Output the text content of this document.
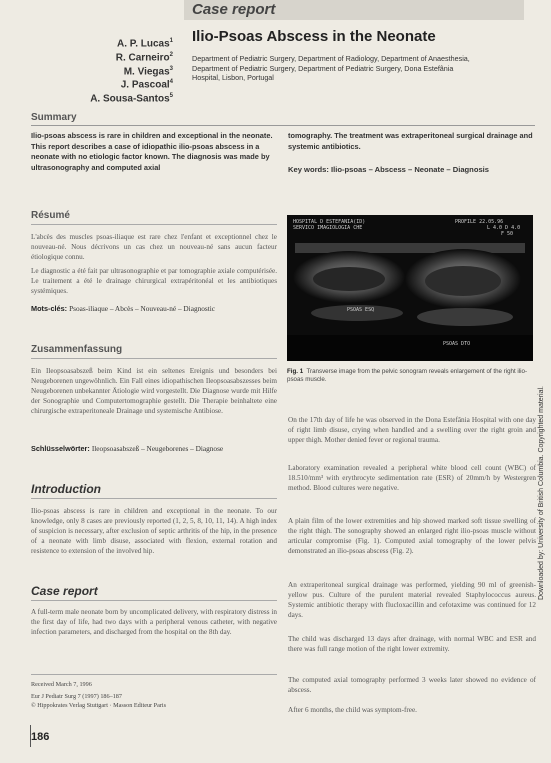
Case report
A. P. Lucas$^1$
R. Carneiro$^2$
M. Viegas$^3$
J. Pascoal$^4$
A. Sousa-Santos$^5$
Ilio-Psoas Abscess in the Neonate
Department of Pediatric Surgery, Department of Radiology, Department of Anaesthesia,
Department of Pediatric Surgery, Department of Pediatric Surgery, Dona Estefânia
Hospital, Lisbon, Portugal
Summary
Ilio-psoas abscess is rare in children and exceptional in the neonate. This report describes a case of idiopathic ilio-psoas abscess in a neonate with no etiologic factor known. The diagnosis was made by ultrasonography and computed axial
tomography. The treatment was extraperitoneal surgical drainage and systemic antibiotics.
Key words: Ilio-psoas – Abscess – Neonate – Diagnosis
Résumé
L'abcès des muscles psoas-iliaque est rare chez l'enfant et exceptionnel chez le nouveau-né. Nous décrivons un cas chez un nouveau-né sans aucun facteur étiologique connu.
Le diagnostic a été fait par ultrasonographie et par tomographie axiale computérisée. Le traitement a été le drainage chirurgical extrapéritonéal et les antibiotiques systémiques.
Mots-clés: Psoas-iliaque – Abcès – Nouveau-né – Diagnostic
Zusammenfassung
Ein Ileopsoasabszeß beim Kind ist ein seltenes Ereignis und besonders bei Neugeborenen ungewöhnlich. Ein Fall eines idiopathischen Ileopsoasabszesses beim Neugeborenen unbekannter Ätiologie wird vorgestellt. Die Diagnose wurde mit Hilfe der Sonographie und Computertomographie gestellt. Die Therapie beinhaltete eine chirurgische extraperitoneale Drainage und systemische Antibiose.
Schlüsselwörter: Ileopsoasabszeß – Neugeborenes – Diagnose
Introduction
Ilio-psoas abscess is rare in children and exceptional in the neonate. To our knowledge, only 8 cases are previously reported (1, 2, 5, 8, 10, 11, 14). A high index of suspicion is necessary, after exclusion of septic arthritis of the hip, in the presence of a neonate with limb disuse, associated with flexion, external rotation and resistence to extension of the involved hip.
Case report
A full-term male neonate born by uncomplicated delivery, with respiratory distress in the first day of life, had two days with a peripheral venous catheter, with negative infection parameters, and discharged from the hospital on the 8th day.
Received March 7, 1996
Eur J Pediatr Surg 7 (1997) 186–187
© Hippokrates Verlag Stuttgart · Masson Editeur Paris
186
HOSPITAL D ESTEFANIA(ID)
SERVICO IMAGIOLOGIA CHE
PROFILE 22.05.96
L 4.0 D 4.0
F 50
PSOAS ESQ
PSOAS DTO
Fig. 1 Transverse image from the pelvic sonogram reveals enlargement of the right ilio-psoas muscle.
On the 17th day of life he was observed in the Dona Estefânia Hospital with one day of right limb disuse, crying when handled and a swelling over the right groin and upper thigh. Mother denied fever or regional trauma.
Laboratory examination revealed a peripheral white blood cell count (WBC) of 18.510/mm³ with erythrocyte sedimentation rate (ESR) of 20mm/h by Westergren method. Blood cultures were negative.
A plain film of the lower extremities and hip showed marked soft tissue swelling of the right thigh. The sonography showed an enlarged right ilio-psoas muscle without articular compromise (Fig. 1). Computed axial tomography of the lower pelvis demonstrated an ilio-psoas abscess (Fig. 2).
An extraperitoneal surgical drainage was performed, yielding 90 ml of greenish-yellow pus. Culture of the purulent material revealed Staphylococcus aureus. Systemic antibiotic therapy with flucloxacillin and cefotaxime was continued for 12 days.
The child was discharged 13 days after drainage, with normal WBC and ESR and there was full range motion of the right lower extremity.
The computed axial tomography performed 3 weeks later showed no evidence of abscess.
After 6 months, the child was symptom-free.
Downloaded by: University of British Columbia. Copyrighted material.
